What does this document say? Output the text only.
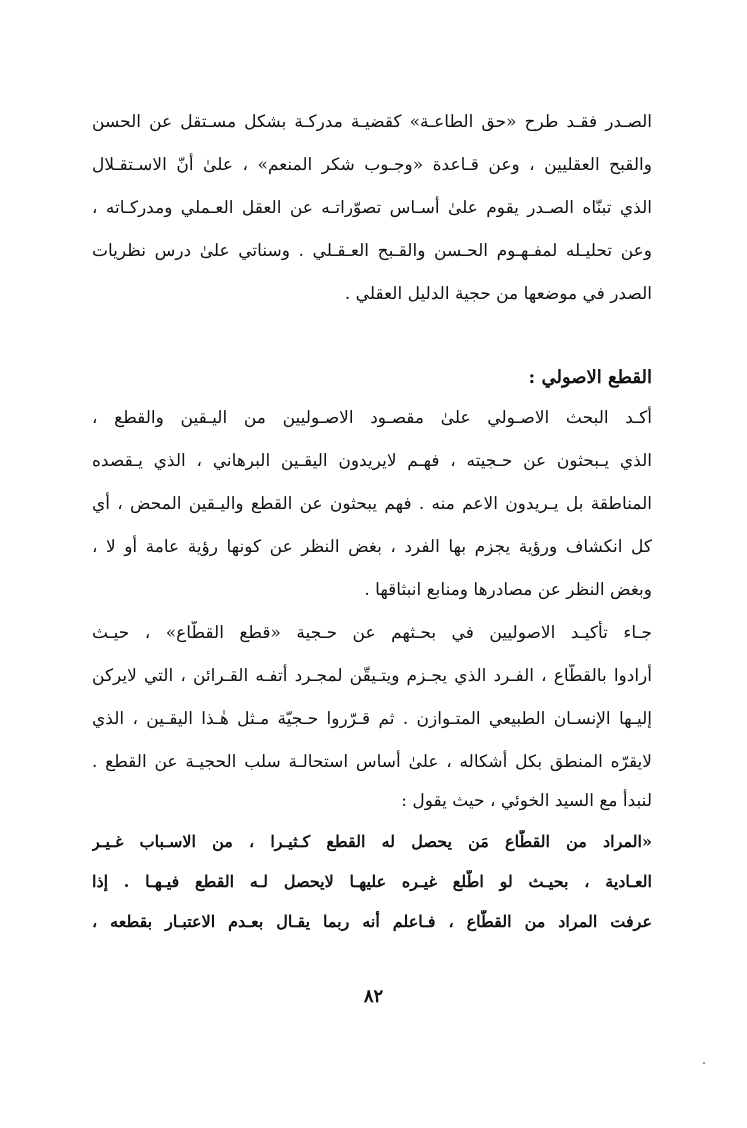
الصـدر فقـد طرح «حق الطاعـة» كقضيـة مدركـة بشكل مسـتقل عن الحسن
والقبح العقليين ، وعن قـاعدة «وجـوب شكر المنعم» ، علىٰ أنّ الاسـتقـلال
الذي تبنّاه الصـدر يقوم علىٰ أسـاس تصوّراتـه عن العقل العـملي ومدركـاته ،
وعن تحليـله لمفـهـوم الحـسن والقـبح العـقـلي . وسناتي علىٰ درس نظريات
الصدر في موضعها من حجية الدليل العقلي .
القطع الاصولي :
أكـد البحث الاصـولي علىٰ مقصـود الاصـوليين من اليـقين والقطع ،
الذي يـبحثون عن حـجيته ، فهـم لايريدون اليقـين البرهاني ، الذي يـقصده
المناطقة بل يـريدون الاعم منه . فهم يبحثون عن القطع واليـقين المحض ، أي
كل انكشاف ورؤية يجزم بها الفرد ، بغض النظر عن كونها رؤية عامة أو لا ،
وبغض النظر عن مصادرها ومنابع انبثاقها .
جـاء تأكيـد الاصوليين في بحـثهم عن حـجية «قطع القطّاع» ، حيـث
أرادوا بالقطّاع ، الفـرد الذي يجـزم ويتـيقّن لمجـرد أتفـه القـرائن ، التي لايركن
إليـها الإنسـان الطبيعي المتـوازن . ثم قـرّروا حـجيّة مـثل هٰـذا اليقـين ، الذي
لايقرّه المنطق بكل أشكاله ، علىٰ أساس استحالـة سلب الحجيـة عن القطع .
لنبدأ مع السيد الخوئي ، حيث يقول :
«المراد من القطّاع مَن يحصل له القطع كـثيـرا ، من الاسـباب غـيـر
العـادية ، بحيـث لو اطّلع غيـره عليهـا لايحصل لـه القطع فيـهـا . إذا
عرفت المراد من القطّاع ، فـاعلم أنه ربما يقـال بعـدم الاعتبـار بقطعه ،
٨٢
